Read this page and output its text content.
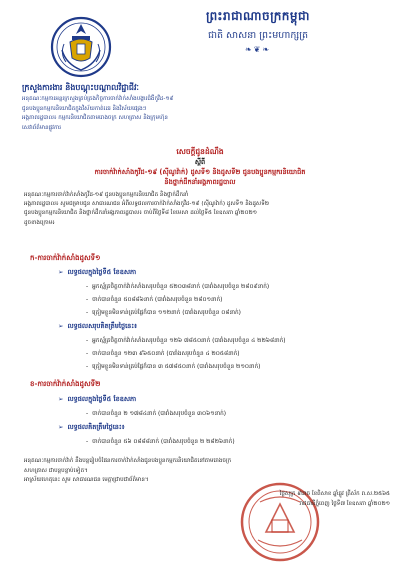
ព្រះរាជាណាចក្រកម្ពុជា
ជាតិ សាសនា ព្រះមហាក្សត្រ
❧❦❧
ក្រសួងការងារ និងបណ្តុះបណ្តាលវិជ្ជាជីវៈ
អនុគណៈកម្មការអន្តរក្រសួងគ្រប់គ្រងកិច្ចការចាក់វ៉ាក់សាំងបង្ការជំងឺកូវីដ-១៩
ជូនបងប្អូនកម្មករនិយោជិតក្នុងវិស័យកាត់ដេរ និងវិស័យផ្សេងៗ
អង្គភាពរដ្ឋបាល៖ កម្មករនិយោជិតតាមរោងចក្រ សហគ្រាស និងក្រុមហ៊ុន
សេវាព័ត៌មានផ្លូវការ
សេចក្តីជូនដំណឹង
ស្តីពី
ការចាក់វ៉ាក់សាំងកូវីដ-១៩ (ស៊ីណូវ៉ាក់) ដូសទី១ និងដូសទី២ ជូនបងប្អូនកម្មករនិយោជិត
និងថ្នាក់ដឹកនាំអង្គភាពរដ្ឋបាល
អនុគណៈកម្មការចាក់វ៉ាក់សាំងកូវីដ-១៩ ជូនបងប្អូនកម្មករនិយោជិត និងថ្នាក់ដឹកនាំ
អង្គភាពរដ្ឋបាល៖ សូមជម្រាបជូន សាធារណជន អំពីលទ្ធផលការចាក់វ៉ាក់សាំងកូវីដ-១៩ (ស៊ីណូវ៉ាក់) ដូសទី១ និងដូសទី២
ជូនបងប្អូនកម្មករនិយោជិត និងថ្នាក់ដឹកនាំអង្គភាពរដ្ឋបាល៖ ចាប់ពីថ្ងៃទី៨ ខែមេសា ដល់ថ្ងៃទី៥ ខែឧសភា ឆ្នាំ២០២១
ដូចខាងក្រោម៖
ក-ការចាក់វ៉ាក់សាំងដូសទី១
➢ លទ្ធផលក្នុងថ្ងៃទី៥ ខែឧសភា
- អ្នកស្ម័គ្រចិត្តចាក់វ៉ាក់សាំងសរុបចំនួន ៥២០៣៨នាក់ (បារាំងសរុបចំនួន ២៨០៩នាក់)
- ចាក់បានចំនួន ៥០៨៨៦នាក់ (បារាំងសរុបចំនួន ២៨០១នាក់)
- ត្រៀមខ្លួនមិនទាន់គ្រប់ផ្លែក៏បាន ១១២នាក់ (បារាំងសរុបចំនួន ០៨នាក់)
➢ លទ្ធផលសរុបគិតត្រឹមថ្ងៃនេះ៖
- អ្នកស្ម័គ្រចិត្តចាក់វ៉ាក់សាំងសរុបចំនួន ១២៦ ៧៨៥០នាក់ (បារាំងសរុបចំនួន ៤ ២២៦៨នាក់)
- ចាក់បានចំនួន ១២៣ ៩៦៥០នាក់ (បារាំងសរុបចំនួន ៤ ២០៥៨នាក់)
- ត្រៀមខ្លួនមិនទាន់គ្រប់ផ្លែក៏បាន ៣ ៥៧៨៥០នាក់ (បារាំងសរុបចំនួន ២១០នាក់)
ខ-ការចាក់វ៉ាក់សាំងដូសទី២
➢ លទ្ធផលក្នុងថ្ងៃទី៥ ខែឧសភា
- ចាក់បានចំនួន ២ ១៧៨៤នាក់ (បារាំងសរុបចំនួន ៣០៦១នាក់)
➢ លទ្ធផលគិតត្រឹមថ្ងៃនេះ៖
- ចាក់បានចំនួន ៥៦ ០៨៨៨នាក់ (បារាំងសរុបចំនួន ២ ២៨២៦នាក់)
អនុគណៈកម្មការចាក់វ៉ាក់ នឹងបន្តរៀបចំផែនការចាក់វ៉ាក់សាំងជូនបងប្អូនកម្មករនិយោជិតនៅតាមរោងចក្រ
សហគ្រាស ជាបន្តបន្ទាប់ទៀត។
អាស្រ័យហេតុនេះ សូម សាធារណជន មេត្តាជ្រាបជាព័ត៌មាន។
ថ្ងៃសុក្រ ៩រោច ខែពិសាខ ឆ្នាំឆ្លូវ ត្រីស័ក ព.ស.២៥៦៥
រាជធានីភ្នំពេញ ថ្ងៃទី៧ ខែឧសភា ឆ្នាំ២០២១
